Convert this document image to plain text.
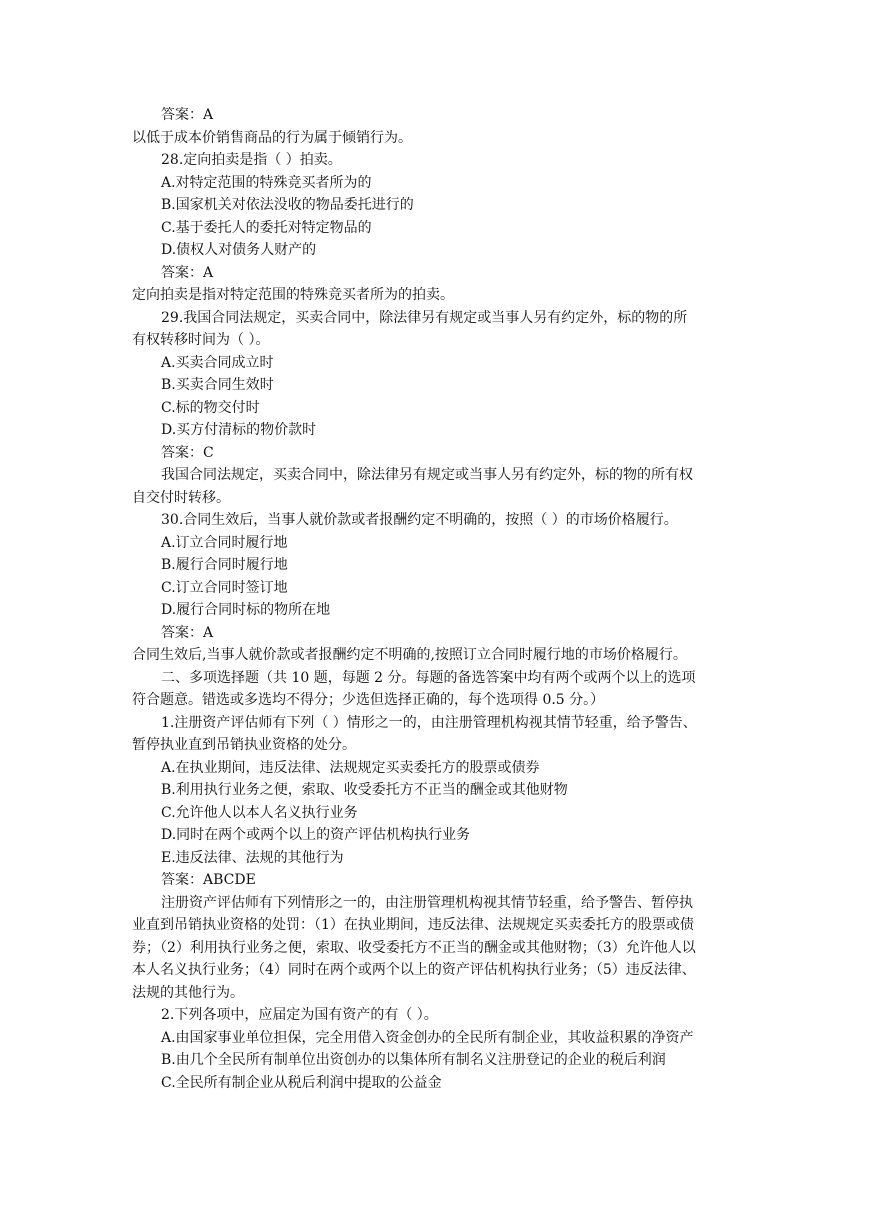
答案：A
以低于成本价销售商品的行为属于倾销行为。
28.定向拍卖是指（ ）拍卖。
A.对特定范围的特殊竞买者所为的
B.国家机关对依法没收的物品委托进行的
C.基于委托人的委托对特定物品的
D.债权人对债务人财产的
答案：A
定向拍卖是指对特定范围的特殊竞买者所为的拍卖。
29.我国合同法规定，买卖合同中，除法律另有规定或当事人另有约定外，标的物的所
有权转移时间为（ ）。
A.买卖合同成立时
B.买卖合同生效时
C.标的物交付时
D.买方付清标的物价款时
答案：C
我国合同法规定，买卖合同中，除法律另有规定或当事人另有约定外，标的物的所有权
自交付时转移。
30.合同生效后，当事人就价款或者报酬约定不明确的，按照（ ）的市场价格履行。
A.订立合同时履行地
B.履行合同时履行地
C.订立合同时签订地
D.履行合同时标的物所在地
答案：A
合同生效后,当事人就价款或者报酬约定不明确的,按照订立合同时履行地的市场价格履行。
二、多项选择题（共 10 题，每题 2 分。每题的备选答案中均有两个或两个以上的选项
符合题意。错选或多选均不得分；少选但选择正确的，每个选项得 0.5 分。）
1.注册资产评估师有下列（ ）情形之一的，由注册管理机构视其情节轻重，给予警告、
暂停执业直到吊销执业资格的处分。
A.在执业期间，违反法律、法规规定买卖委托方的股票或债券
B.利用执行业务之便，索取、收受委托方不正当的酬金或其他财物
C.允许他人以本人名义执行业务
D.同时在两个或两个以上的资产评估机构执行业务
E.违反法律、法规的其他行为
答案：ABCDE
注册资产评估师有下列情形之一的，由注册管理机构视其情节轻重，给予警告、暂停执
业直到吊销执业资格的处罚：（1）在执业期间，违反法律、法规规定买卖委托方的股票或债
券；（2）利用执行业务之便，索取、收受委托方不正当的酬金或其他财物；（3）允许他人以
本人名义执行业务；（4）同时在两个或两个以上的资产评估机构执行业务；（5）违反法律、
法规的其他行为。
2.下列各项中，应届定为国有资产的有（ ）。
A.由国家事业单位担保，完全用借入资金创办的全民所有制企业，其收益积累的净资产
B.由几个全民所有制单位出资创办的以集体所有制名义注册登记的企业的税后利润
C.全民所有制企业从税后利润中提取的公益金
